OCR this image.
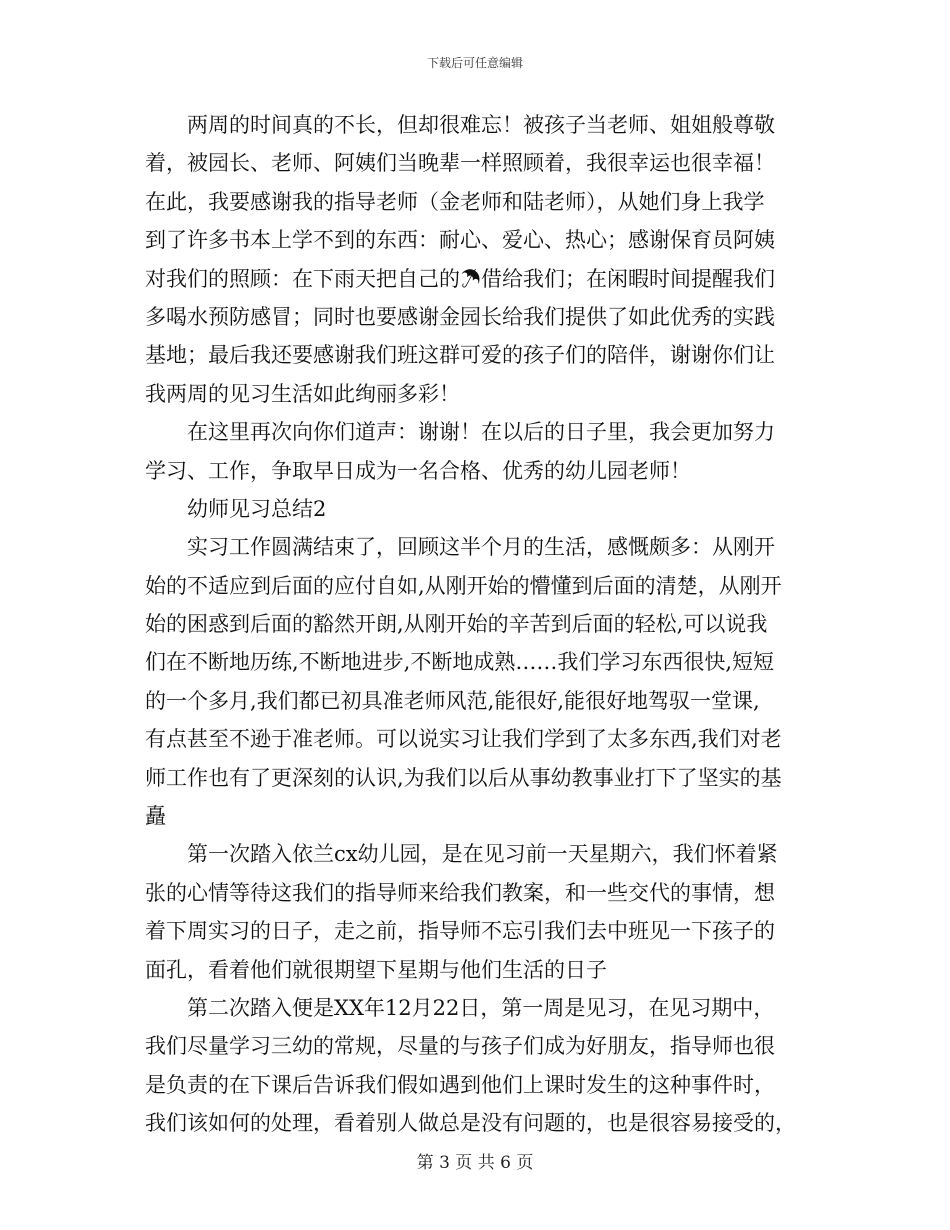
下载后可任意编辑
两周的时间真的不长，但却很难忘！被孩子当老师、姐姐般尊敬
着，被园长、老师、阿姨们当晚辈一样照顾着，我很幸运也很幸福！
在此，我要感谢我的指导老师（金老师和陆老师），从她们身上我学
到了许多书本上学不到的东西：耐心、爱心、热心；感谢保育员阿姨
对我们的照顾：在下雨天把自己的☂借给我们；在闲暇时间提醒我们
多喝水预防感冒；同时也要感谢金园长给我们提供了如此优秀的实践
基地；最后我还要感谢我们班这群可爱的孩子们的陪伴，谢谢你们让
我两周的见习生活如此绚丽多彩！
在这里再次向你们道声：谢谢！在以后的日子里，我会更加努力
学习、工作，争取早日成为一名合格、优秀的幼儿园老师！
幼师见习总结2
实习工作圆满结束了，回顾这半个月的生活，感慨颇多：从刚开
始的不适应到后面的应付自如,从刚开始的懵懂到后面的清楚，从刚开
始的困惑到后面的豁然开朗,从刚开始的辛苦到后面的轻松,可以说我
们在不断地历练,不断地进步,不断地成熟……我们学习东西很快,短短
的一个多月,我们都已初具准老师风范,能很好,能很好地驾驭一堂课,
有点甚至不逊于准老师。可以说实习让我们学到了太多东西,我们对老
师工作也有了更深刻的认识,为我们以后从事幼教事业打下了坚实的基
矗
第一次踏入依兰cx幼儿园，是在见习前一天星期六，我们怀着紧
张的心情等待这我们的指导师来给我们教案，和一些交代的事情，想
着下周实习的日子，走之前，指导师不忘引我们去中班见一下孩子的
面孔，看着他们就很期望下星期与他们生活的日子
第二次踏入便是XX年12月22日，第一周是见习，在见习期中，
我们尽量学习三幼的常规，尽量的与孩子们成为好朋友，指导师也很
是负责的在下课后告诉我们假如遇到他们上课时发生的这种事件时，
我们该如何的处理，看着别人做总是没有问题的，也是很容易接受的，
第 3 页 共 6 页
